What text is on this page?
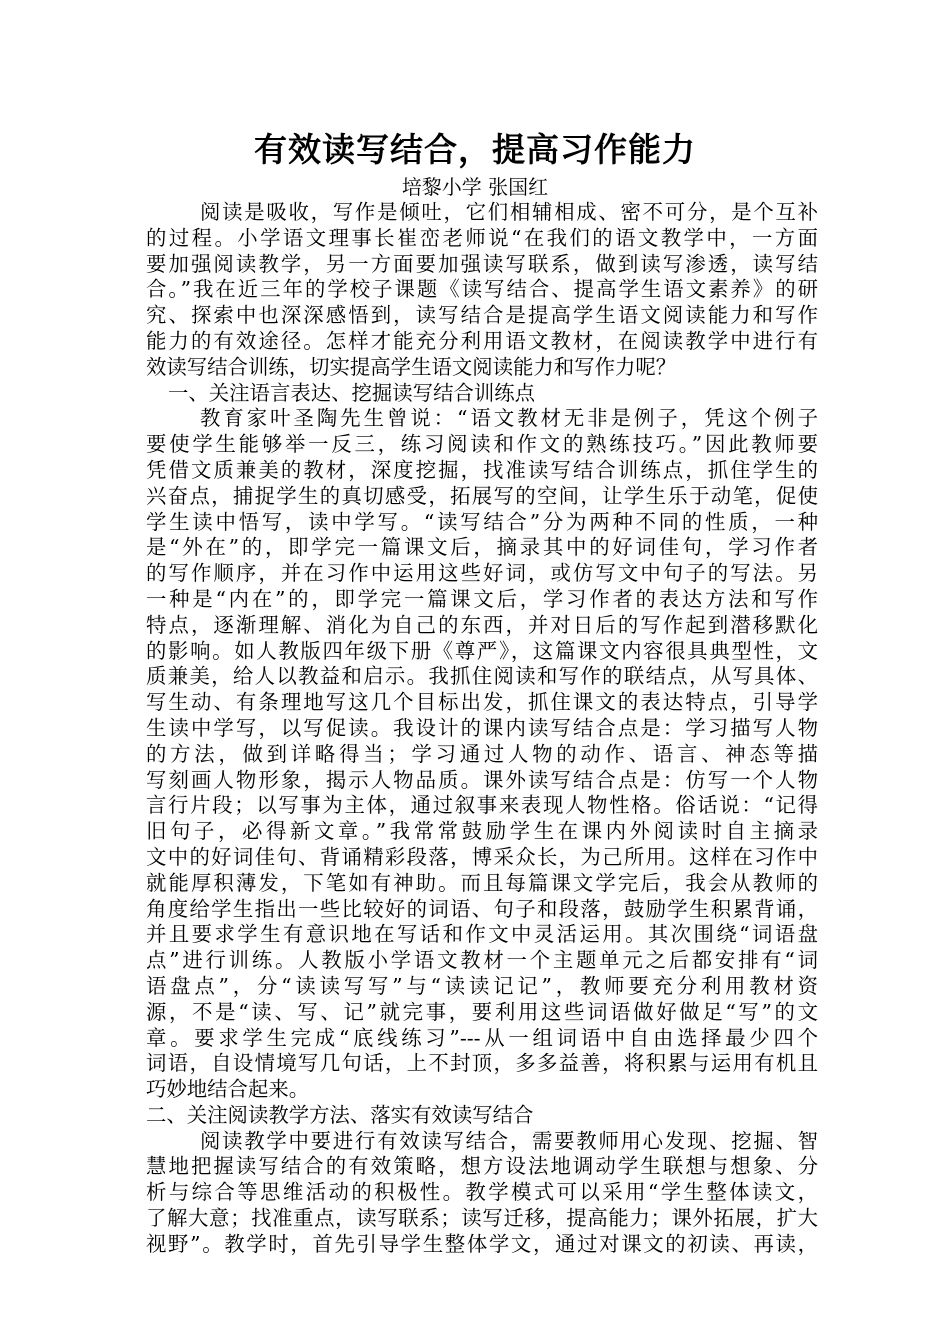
有效读写结合，提高习作能力
培黎小学 张国红
阅读是吸收，写作是倾吐，它们相辅相成、密不可分，是个互补
的过程。小学语文理事长崔峦老师说“在我们的语文教学中，一方面
要加强阅读教学，另一方面要加强读写联系，做到读写渗透，读写结
合。”我在近三年的学校子课题《读写结合、提高学生语文素养》的研
究、探索中也深深感悟到，读写结合是提高学生语文阅读能力和写作
能力的有效途径。怎样才能充分利用语文教材，在阅读教学中进行有
效读写结合训练，切实提高学生语文阅读能力和写作力呢？
一、关注语言表达、挖掘读写结合训练点
教育家叶圣陶先生曾说：“语文教材无非是例子，凭这个例子
要使学生能够举一反三，练习阅读和作文的熟练技巧。”因此教师要
凭借文质兼美的教材，深度挖掘，找准读写结合训练点，抓住学生的
兴奋点，捕捉学生的真切感受，拓展写的空间，让学生乐于动笔，促使
学生读中悟写，读中学写。“读写结合”分为两种不同的性质，一种
是“外在”的，即学完一篇课文后，摘录其中的好词佳句，学习作者
的写作顺序，并在习作中运用这些好词，或仿写文中句子的写法。另
一种是“内在”的，即学完一篇课文后，学习作者的表达方法和写作
特点，逐渐理解、消化为自己的东西，并对日后的写作起到潜移默化
的影响。如人教版四年级下册《尊严》，这篇课文内容很具典型性，文
质兼美，给人以教益和启示。我抓住阅读和写作的联结点，从写具体、
写生动、有条理地写这几个目标出发，抓住课文的表达特点，引导学
生读中学写，以写促读。我设计的课内读写结合点是：学习描写人物
的方法，做到详略得当；学习通过人物的动作、语言、神态等描
写刻画人物形象，揭示人物品质。课外读写结合点是：仿写一个人物
言行片段；以写事为主体，通过叙事来表现人物性格。俗话说：“记得
旧句子，必得新文章。”我常常鼓励学生在课内外阅读时自主摘录
文中的好词佳句、背诵精彩段落，博采众长，为己所用。这样在习作中
就能厚积薄发，下笔如有神助。而且每篇课文学完后，我会从教师的
角度给学生指出一些比较好的词语、句子和段落，鼓励学生积累背诵，
并且要求学生有意识地在写话和作文中灵活运用。其次围绕“词语盘
点”进行训练。人教版小学语文教材一个主题单元之后都安排有“词
语盘点”，分“读读写写”与“读读记记”，教师要充分利用教材资
源，不是“读、写、记”就完事，要利用这些词语做好做足“写”的文
章。要求学生完成“底线练习”---从一组词语中自由选择最少四个
词语，自设情境写几句话，上不封顶，多多益善，将积累与运用有机且
巧妙地结合起来。
二、关注阅读教学方法、落实有效读写结合
阅读教学中要进行有效读写结合，需要教师用心发现、挖掘、智
慧地把握读写结合的有效策略，想方设法地调动学生联想与想象、分
析与综合等思维活动的积极性。教学模式可以采用“学生整体读文，
了解大意；找准重点，读写联系；读写迁移，提高能力；课外拓展，扩大
视野”。教学时，首先引导学生整体学文，通过对课文的初读、再读，
